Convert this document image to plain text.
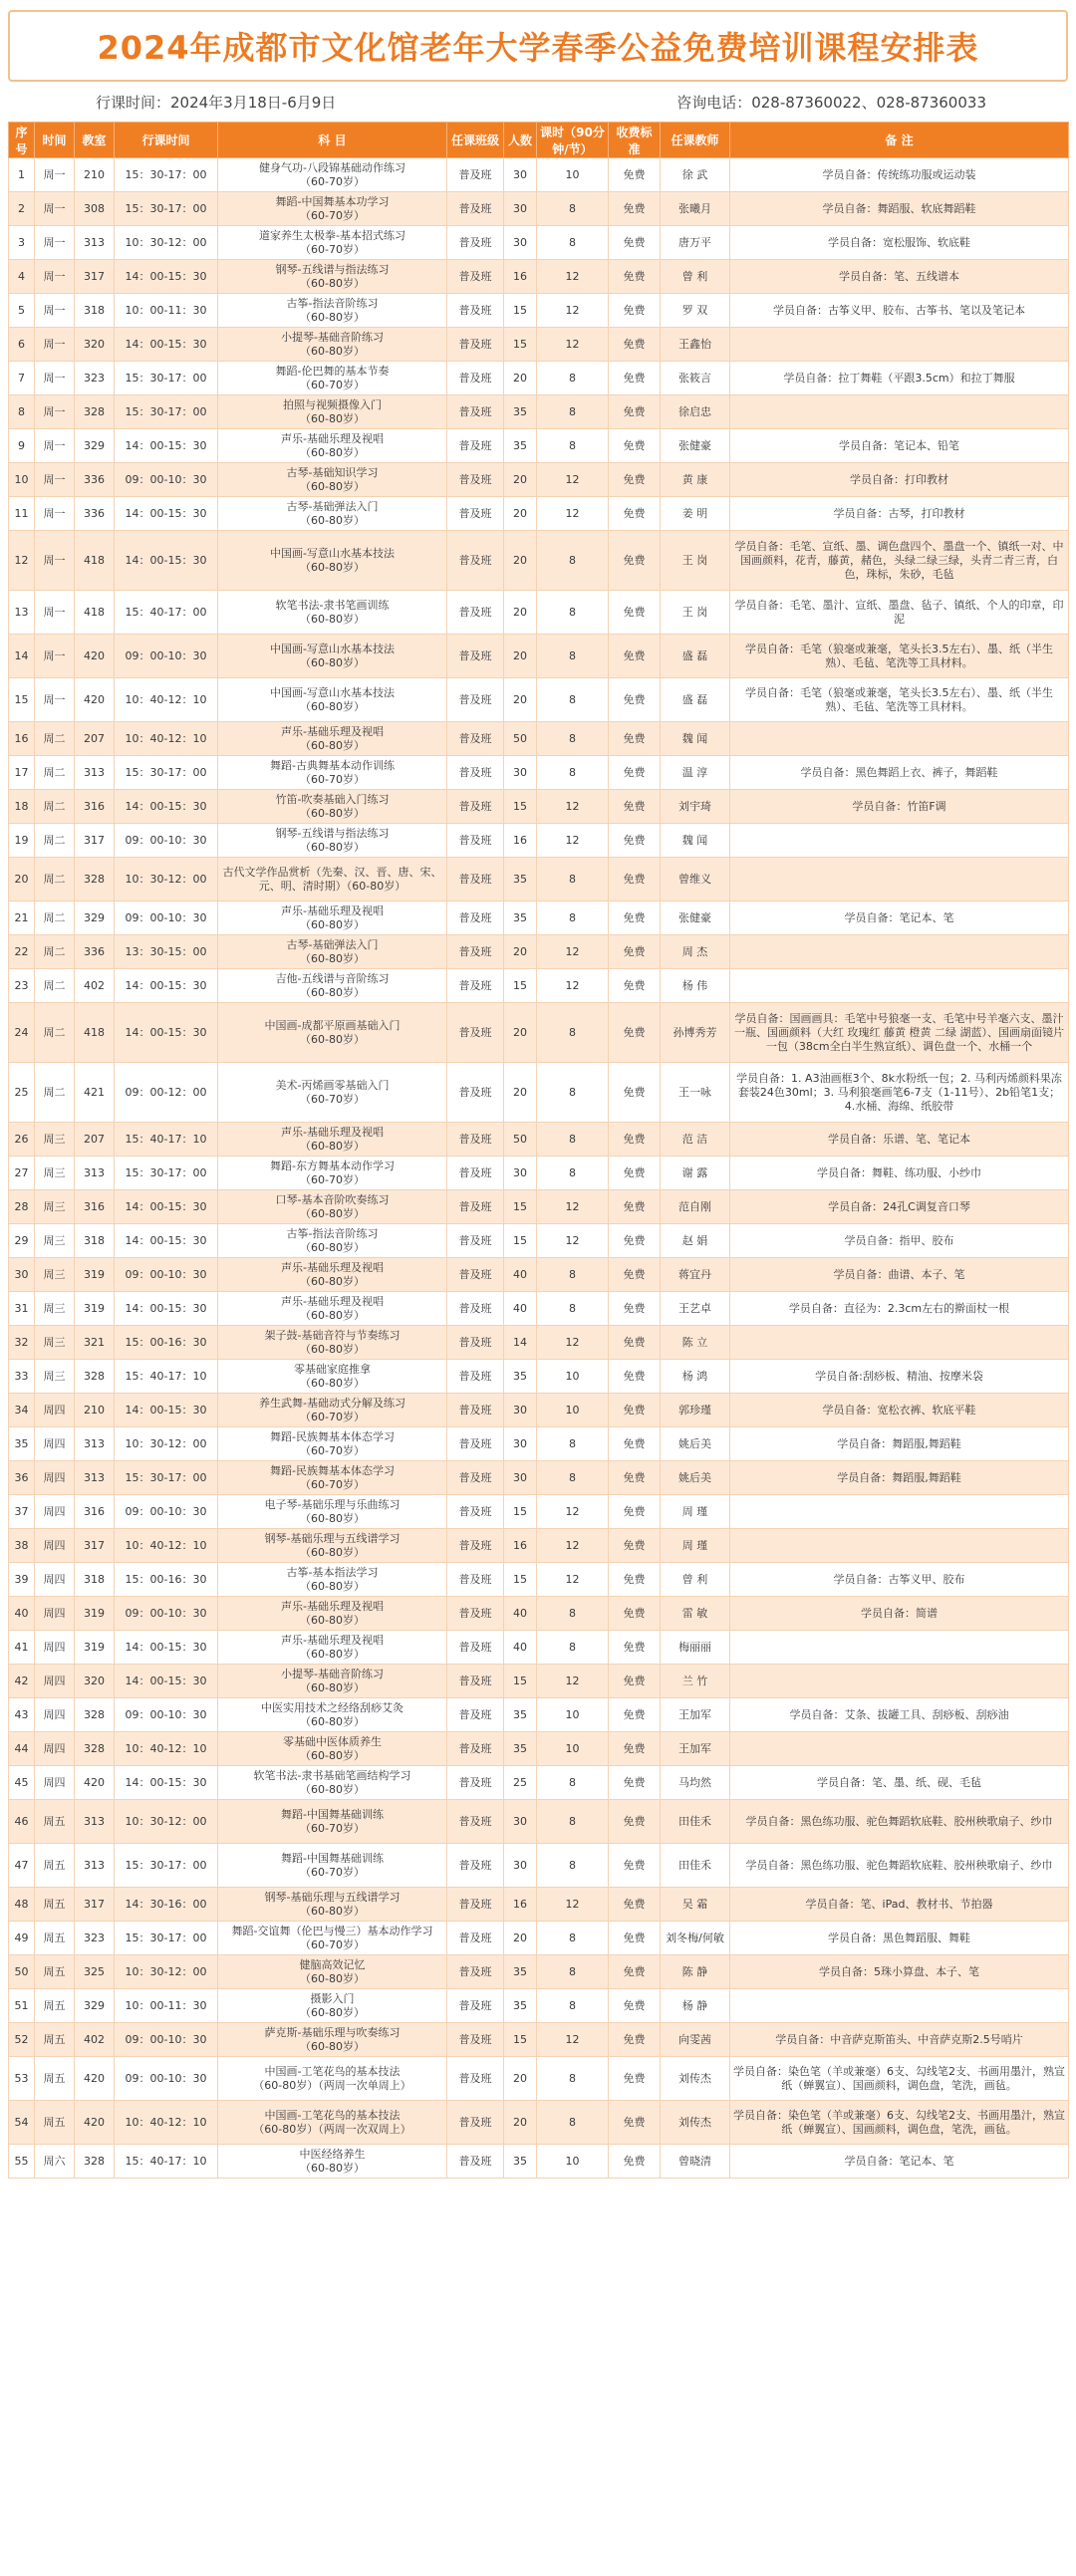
2024年成都市文化馆老年大学春季公益免费培训课程安排表
行课时间：2024年3月18日-6月9日	咨询电话：028-87360022、028-87360033
序号	时间	教室	行课时间	科 目	任课班级	人数	课时（90分钟/节）	收费标准	任课教师	备 注
1	周一	210	15：30-17：00	健身气功-八段锦基础动作练习
（60-70岁）	普及班	30	10	免费	徐 武	学员自备：传统练功服或运动装
2	周一	308	15：30-17：00	舞蹈-中国舞基本功学习
（60-70岁）	普及班	30	8	免费	张曦月	学员自备：舞蹈服、软底舞蹈鞋
3	周一	313	10：30-12：00	道家养生太极拳-基本招式练习
（60-70岁）	普及班	30	8	免费	唐万平	学员自备：宽松服饰、软底鞋
4	周一	317	14：00-15：30	钢琴-五线谱与指法练习
（60-80岁）	普及班	16	12	免费	曾 利	学员自备：笔、五线谱本
5	周一	318	10：00-11：30	古筝-指法音阶练习
（60-80岁）	普及班	15	12	免费	罗 双	学员自备：古筝义甲、胶布、古筝书、笔以及笔记本
6	周一	320	14：00-15：30	小提琴-基础音阶练习
（60-80岁）	普及班	15	12	免费	王鑫怡	
7	周一	323	15：30-17：00	舞蹈-伦巴舞的基本节奏
（60-70岁）	普及班	20	8	免费	张筱言	学员自备：拉丁舞鞋（平跟3.5cm）和拉丁舞服
8	周一	328	15：30-17：00	拍照与视频摄像入门
（60-80岁）	普及班	35	8	免费	徐启忠	
9	周一	329	14：00-15：30	声乐-基础乐理及视唱
（60-80岁）	普及班	35	8	免费	张健豪	学员自备：笔记本、铅笔
10	周一	336	09：00-10：30	古琴-基础知识学习
（60-80岁）	普及班	20	12	免费	黄 康	学员自备：打印教材
11	周一	336	14：00-15：30	古琴-基础弹法入门
（60-80岁）	普及班	20	12	免费	姜 明	学员自备：古琴，打印教材
12	周一	418	14：00-15：30	中国画-写意山水基本技法
（60-80岁）	普及班	20	8	免费	王 岗	学员自备：毛笔、宣纸、墨、调色盘四个、墨盘一个、镇纸一对、中国画颜料，花青，藤黄，赭色，头绿二绿三绿，头青二青三青，白色，珠标，朱砂，毛毡
13	周一	418	15：40-17：00	软笔书法-隶书笔画训练
（60-80岁）	普及班	20	8	免费	王 岗	学员自备：毛笔、墨汁、宣纸、墨盘、毡子、镇纸、个人的印章，印泥
14	周一	420	09：00-10：30	中国画-写意山水基本技法
（60-80岁）	普及班	20	8	免费	盛 磊	学员自备：毛笔（狼毫或兼毫，笔头长3.5左右）、墨、纸（半生熟）、毛毡、笔洗等工具材料。
15	周一	420	10：40-12：10	中国画-写意山水基本技法
（60-80岁）	普及班	20	8	免费	盛 磊	学员自备：毛笔（狼毫或兼毫，笔头长3.5左右）、墨、纸（半生熟）、毛毡、笔洗等工具材料。
16	周二	207	10：40-12：10	声乐-基础乐理及视唱
（60-80岁）	普及班	50	8	免费	魏 闻	
17	周二	313	15：30-17：00	舞蹈-古典舞基本动作训练
（60-70岁）	普及班	30	8	免费	温 淳	学员自备：黑色舞蹈上衣、裤子，舞蹈鞋
18	周二	316	14：00-15：30	竹笛-吹奏基础入门练习
（60-80岁）	普及班	15	12	免费	刘宇琦	学员自备：竹笛F调
19	周二	317	09：00-10：30	钢琴-五线谱与指法练习
（60-80岁）	普及班	16	12	免费	魏 闻	
20	周二	328	10：30-12：00	古代文学作品赏析（先秦、汉、晋、唐、宋、元、明、清时期）（60-80岁）	普及班	35	8	免费	曾维义	
21	周二	329	09：00-10：30	声乐-基础乐理及视唱
（60-80岁）	普及班	35	8	免费	张健豪	学员自备：笔记本、笔
22	周二	336	13：30-15：00	古琴-基础弹法入门
（60-80岁）	普及班	20	12	免费	周 杰	
23	周二	402	14：00-15：30	吉他-五线谱与音阶练习
（60-80岁）	普及班	15	12	免费	杨 伟	
24	周二	418	14：00-15：30	中国画-成都平原画基础入门
（60-80岁）	普及班	20	8	免费	孙博秀芳	学员自备：国画画具：毛笔中号狼毫一支、毛笔中号羊毫六支、墨汁一瓶、国画颜料（大红 玫瑰红 藤黄 橙黄 二绿 湖蓝）、国画扇面镜片一包（38cm全白半生熟宣纸）、调色盘一个、水桶一个
25	周二	421	09：00-12：00	美术-丙烯画零基础入门
（60-70岁）	普及班	20	8	免费	王一咏	学员自备：1. A3油画框3个、8k水粉纸一包；2. 马利丙烯颜料果冻套装24色30ml；3. 马利狼毫画笔6-7支（1-11号）、2b铅笔1支；4.水桶、海绵、纸胶带
26	周三	207	15：40-17：10	声乐-基础乐理及视唱
（60-80岁）	普及班	50	8	免费	范 洁	学员自备：乐谱、笔、笔记本
27	周三	313	15：30-17：00	舞蹈-东方舞基本动作学习
（60-70岁）	普及班	30	8	免费	谢 露	学员自备：舞鞋、练功服、小纱巾
28	周三	316	14：00-15：30	口琴-基本音阶吹奏练习
（60-80岁）	普及班	15	12	免费	范自刚	学员自备：24孔C调复音口琴
29	周三	318	14：00-15：30	古筝-指法音阶练习
（60-80岁）	普及班	15	12	免费	赵 娟	学员自备：指甲、胶布
30	周三	319	09：00-10：30	声乐-基础乐理及视唱
（60-80岁）	普及班	40	8	免费	蒋宜丹	学员自备：曲谱、本子、笔
31	周三	319	14：00-15：30	声乐-基础乐理及视唱
（60-80岁）	普及班	40	8	免费	王艺卓	学员自备：直径为：2.3cm左右的擀面杖一根
32	周三	321	15：00-16：30	架子鼓-基础音符与节奏练习
（60-80岁）	普及班	14	12	免费	陈 立	
33	周三	328	15：40-17：10	零基础家庭推拿
（60-80岁）	普及班	35	10	免费	杨 鸿	学员自备:刮痧板、精油、按摩米袋
34	周四	210	14：00-15：30	养生武舞-基础动式分解及练习
（60-70岁）	普及班	30	10	免费	郭珍瑾	学员自备：宽松衣裤、软底平鞋
35	周四	313	10：30-12：00	舞蹈-民族舞基本体态学习
（60-70岁）	普及班	30	8	免费	姚后美	学员自备：舞蹈服,舞蹈鞋
36	周四	313	15：30-17：00	舞蹈-民族舞基本体态学习
（60-70岁）	普及班	30	8	免费	姚后美	学员自备：舞蹈服,舞蹈鞋
37	周四	316	09：00-10：30	电子琴-基础乐理与乐曲练习
（60-80岁）	普及班	15	12	免费	周 瑾	
38	周四	317	10：40-12：10	钢琴-基础乐理与五线谱学习
（60-80岁）	普及班	16	12	免费	周 瑾	
39	周四	318	15：00-16：30	古筝-基本指法学习
（60-80岁）	普及班	15	12	免费	曾 利	学员自备：古筝义甲、胶布
40	周四	319	09：00-10：30	声乐-基础乐理及视唱
（60-80岁）	普及班	40	8	免费	雷 敏	学员自备：简谱
41	周四	319	14：00-15：30	声乐-基础乐理及视唱
（60-80岁）	普及班	40	8	免费	梅丽丽	
42	周四	320	14：00-15：30	小提琴-基础音阶练习
（60-80岁）	普及班	15	12	免费	兰 竹	
43	周四	328	09：00-10：30	中医实用技术之经络刮痧艾灸
（60-80岁）	普及班	35	10	免费	王加军	学员自备：艾条、拔罐工具、刮痧板、刮痧油
44	周四	328	10：40-12：10	零基础中医体质养生
（60-80岁）	普及班	35	10	免费	王加军	
45	周四	420	14：00-15：30	软笔书法-隶书基础笔画结构学习
（60-80岁）	普及班	25	8	免费	马均然	学员自备：笔、墨、纸、砚、毛毡
46	周五	313	10：30-12：00	舞蹈-中国舞基础训练
（60-70岁）	普及班	30	8	免费	田佳禾	学员自备：黑色练功服、驼色舞蹈软底鞋、胶州秧歌扇子、纱巾
47	周五	313	15：30-17：00	舞蹈-中国舞基础训练
（60-70岁）	普及班	30	8	免费	田佳禾	学员自备：黑色练功服、驼色舞蹈软底鞋、胶州秧歌扇子、纱巾
48	周五	317	14：30-16：00	钢琴-基础乐理与五线谱学习
（60-80岁）	普及班	16	12	免费	吴 霜	学员自备：笔、iPad、教材书、节拍器
49	周五	323	15：30-17：00	舞蹈-交谊舞（伦巴与慢三）基本动作学习
（60-70岁）	普及班	20	8	免费	刘冬梅/何敏	学员自备：黑色舞蹈服、舞鞋
50	周五	325	10：30-12：00	健脑高效记忆
（60-80岁）	普及班	35	8	免费	陈 静	学员自备：5珠小算盘、本子、笔
51	周五	329	10：00-11：30	摄影入门
（60-80岁）	普及班	35	8	免费	杨 静	
52	周五	402	09：00-10：30	萨克斯-基础乐理与吹奏练习
（60-80岁）	普及班	15	12	免费	向雯茜	学员自备：中音萨克斯笛头、中音萨克斯2.5号哨片
53	周五	420	09：00-10：30	中国画-工笔花鸟的基本技法
（60-80岁）（两周一次单周上）	普及班	20	8	免费	刘传杰	学员自备：染色笔（羊或兼毫）6支、勾线笔2支、书画用墨汁，熟宣纸（蝉翼宣）、国画颜料，调色盘，笔洗，画毡。
54	周五	420	10：40-12：10	中国画-工笔花鸟的基本技法
（60-80岁）（两周一次双周上）	普及班	20	8	免费	刘传杰	学员自备：染色笔（羊或兼毫）6支、勾线笔2支、书画用墨汁，熟宣纸（蝉翼宣）、国画颜料，调色盘，笔洗，画毡。
55	周六	328	15：40-17：10	中医经络养生
（60-80岁）	普及班	35	10	免费	曾晓清	学员自备：笔记本、笔
